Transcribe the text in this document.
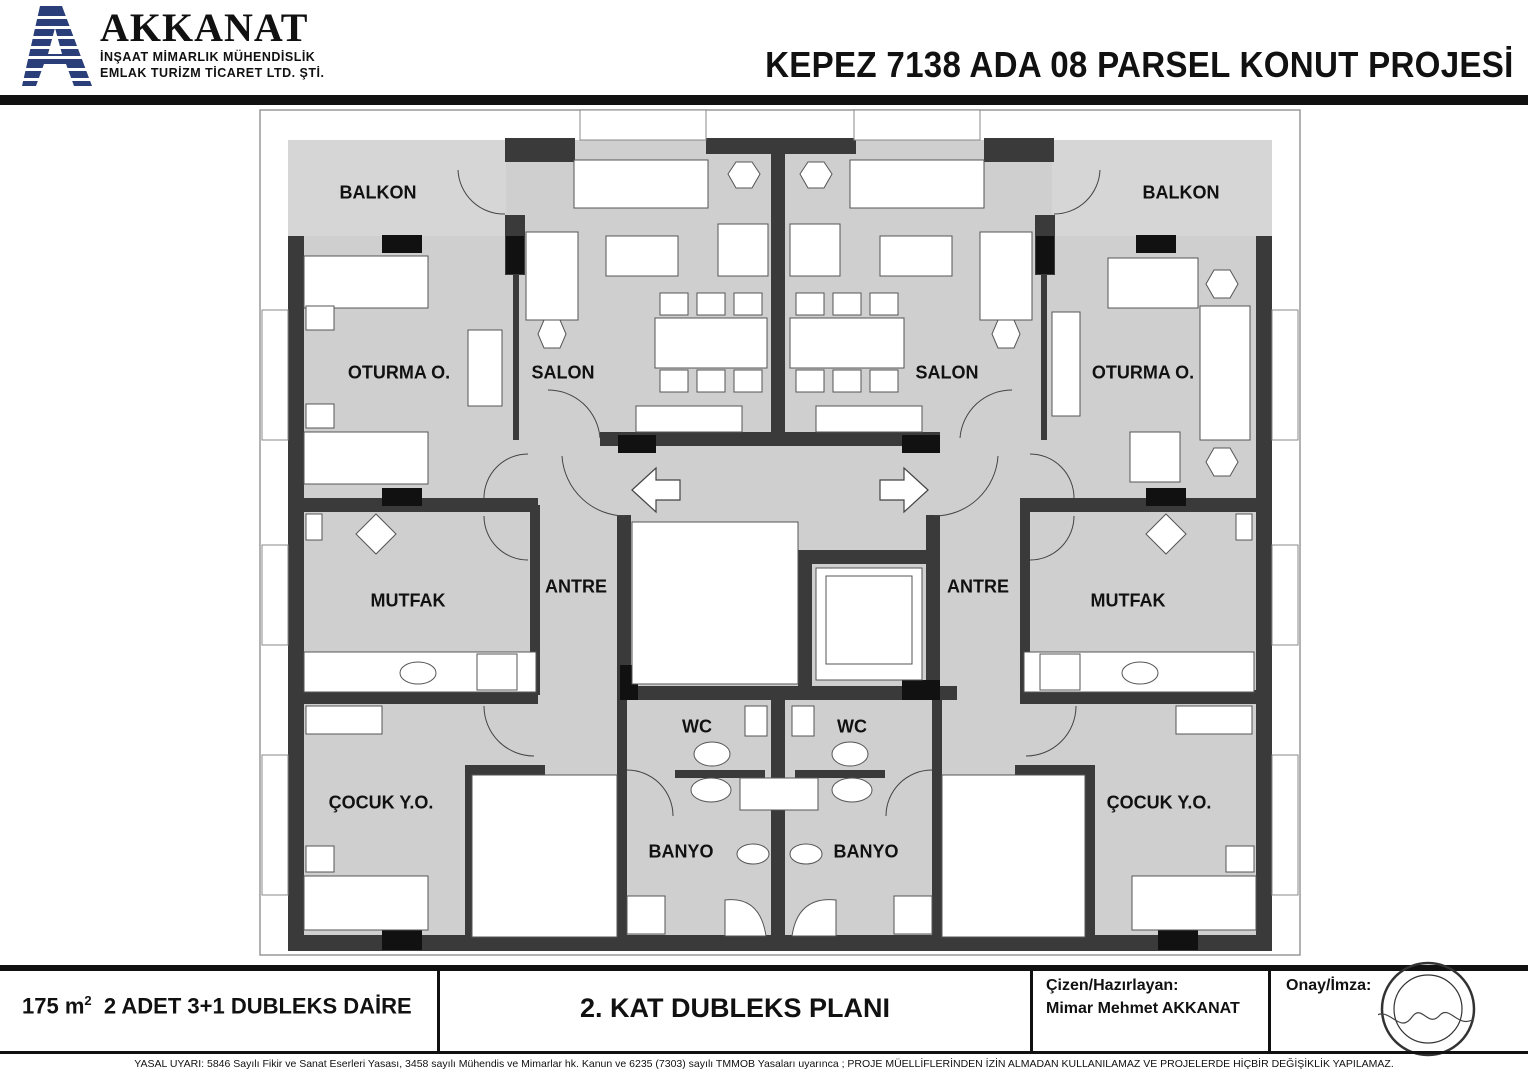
AKKANAT
İNŞAAT MİMARLIK MÜHENDİSLİK
EMLAK TURİZM TİCARET LTD. ŞTİ.	KEPEZ 7138 ADA 08 PARSEL KONUT PROJESİ
BALKON	BALKON
OTURMA O.	OTURMA O.
SALON	SALON
MUTFAK	MUTFAK
ANTRE	ANTRE
WC	WC
ÇOCUK Y.O.	ÇOCUK Y.O.
BANYO	BANYO
175 $m^2$ 2 ADET 3+1 DUBLEKS DAİRE	2. KAT DUBLEKS PLANI
Çizen/Hazırlayan:
Mimar Mehmet AKKANAT
Onay/İmza:
YASAL UYARI: 5846 Sayılı Fikir ve Sanat Eserleri Yasası, 3458 sayılı Mühendis ve Mimarlar hk. Kanun ve 6235 (7303) sayılı TMMOB Yasaları uyarınca ; PROJE MÜELLİFLERİNDEN İZİN ALMADAN KULLANILAMAZ VE PROJELERDE HİÇBİR DEĞİŞİKLİK YAPILAMAZ.
